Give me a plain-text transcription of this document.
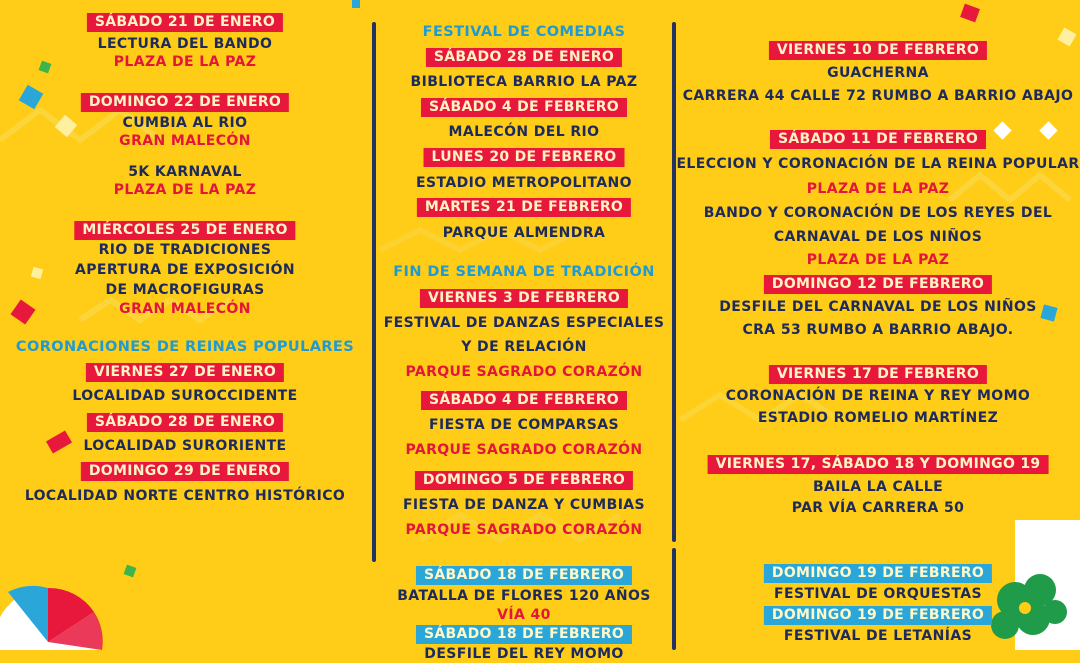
SÁBADO 21 DE ENERO
LECTURA DEL BANDO
PLAZA DE LA PAZ
DOMINGO 22 DE ENERO
CUMBIA AL RIO
GRAN MALECÓN
5K KARNAVAL
PLAZA DE LA PAZ
MIÉRCOLES 25 DE ENERO
RIO DE TRADICIONES
APERTURA DE EXPOSICIÓN
DE MACROFIGURAS
GRAN MALECÓN
CORONACIONES DE REINAS POPULARES
VIERNES 27 DE ENERO
LOCALIDAD SUROCCIDENTE
SÁBADO 28 DE ENERO
LOCALIDAD SURORIENTE
DOMINGO 29 DE ENERO
LOCALIDAD NORTE CENTRO HISTÓRICO
FESTIVAL DE COMEDIAS
SÁBADO 28 DE ENERO
BIBLIOTECA BARRIO LA PAZ
SÁBADO 4 DE FEBRERO
MALECÓN DEL RIO
LUNES 20 DE FEBRERO
ESTADIO METROPOLITANO
MARTES 21 DE FEBRERO
PARQUE ALMENDRA
FIN DE SEMANA DE TRADICIÓN
VIERNES 3 DE FEBRERO
FESTIVAL DE DANZAS ESPECIALES
Y DE RELACIÓN
PARQUE SAGRADO CORAZÓN
SÁBADO 4 DE FEBRERO
FIESTA DE COMPARSAS
PARQUE SAGRADO CORAZÓN
DOMINGO 5 DE FEBRERO
FIESTA DE DANZA Y CUMBIAS
PARQUE SAGRADO CORAZÓN
SÁBADO 18 DE FEBRERO
BATALLA DE FLORES 120 AÑOS
VÍA 40
SÁBADO 18 DE FEBRERO
DESFILE DEL REY MOMO
VIERNES 10 DE FEBRERO
GUACHERNA
CARRERA 44 CALLE 72 RUMBO A BARRIO ABAJO
SÁBADO 11 DE FEBRERO
ELECCION Y CORONACIÓN DE LA REINA POPULAR
PLAZA DE LA PAZ
BANDO Y CORONACIÓN DE LOS REYES DEL
CARNAVAL DE LOS NIÑOS
PLAZA DE LA PAZ
DOMINGO 12 DE FEBRERO
DESFILE DEL CARNAVAL DE LOS NIÑOS
CRA 53 RUMBO A BARRIO ABAJO.
VIERNES 17 DE FEBRERO
CORONACIÓN DE REINA Y REY MOMO
ESTADIO ROMELIO MARTÍNEZ
VIERNES 17, SÁBADO 18 Y DOMINGO 19
BAILA LA CALLE
PAR VÍA CARRERA 50
DOMINGO 19 DE FEBRERO
FESTIVAL DE ORQUESTAS
DOMINGO 19 DE FEBRERO
FESTIVAL DE LETANÍAS
